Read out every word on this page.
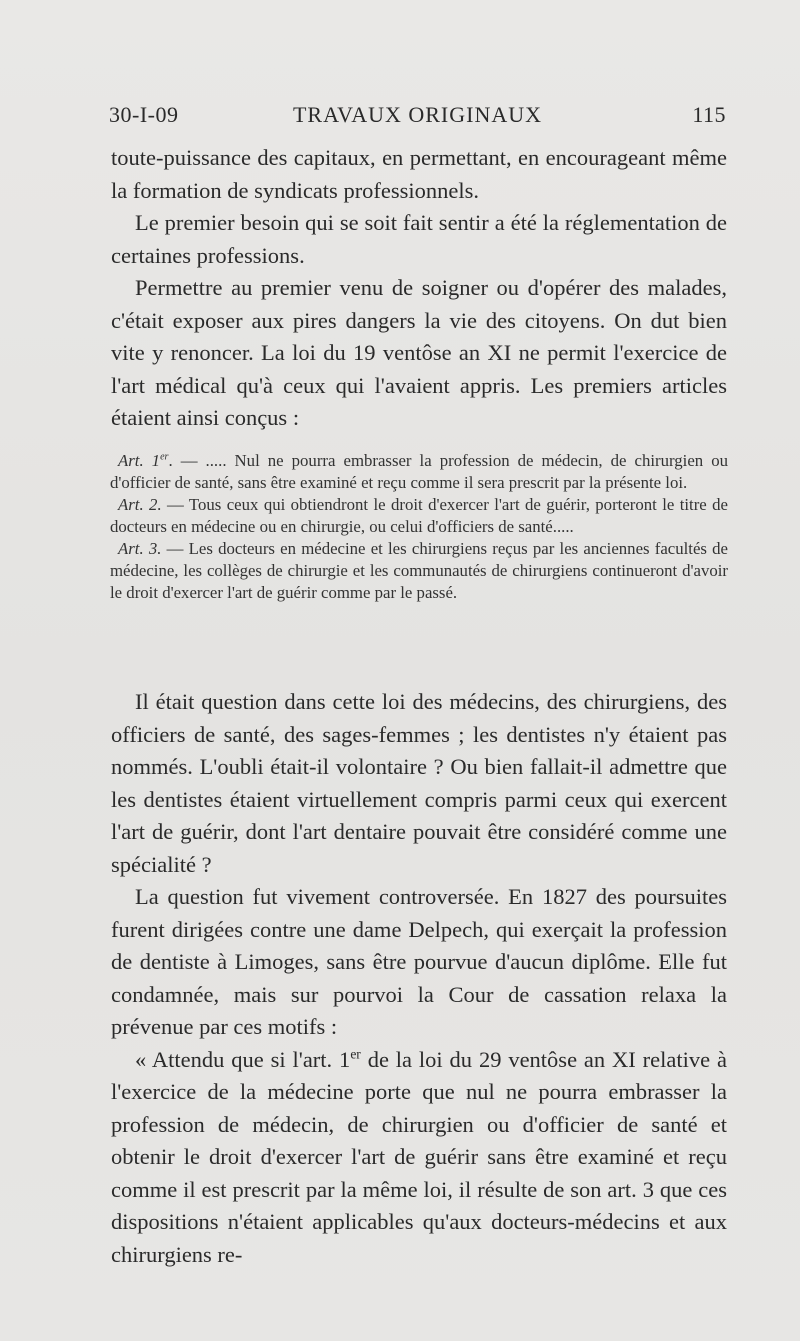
30-I-09	TRAVAUX ORIGINAUX	115

toute-puissance des capitaux, en permettant, en encourageant même la formation de syndicats professionnels.

Le premier besoin qui se soit fait sentir a été la réglementation de certaines professions.

Permettre au premier venu de soigner ou d'opérer des malades, c'était exposer aux pires dangers la vie des citoyens. On dut bien vite y renoncer. La loi du 19 ventôse an XI ne permit l'exercice de l'art médical qu'à ceux qui l'avaient appris. Les premiers articles étaient ainsi conçus :

Art. 1er. — ..... Nul ne pourra embrasser la profession de médecin, de chirurgien ou d'officier de santé, sans être examiné et reçu comme il sera prescrit par la présente loi.

Art. 2. — Tous ceux qui obtiendront le droit d'exercer l'art de guérir, porteront le titre de docteurs en médecine ou en chirurgie, ou celui d'officiers de santé.....

Art. 3. — Les docteurs en médecine et les chirurgiens reçus par les anciennes facultés de médecine, les collèges de chirurgie et les communautés de chirurgiens continueront d'avoir le droit d'exercer l'art de guérir comme par le passé.

Il était question dans cette loi des médecins, des chirurgiens, des officiers de santé, des sages-femmes ; les dentistes n'y étaient pas nommés. L'oubli était-il volontaire ? Ou bien fallait-il admettre que les dentistes étaient virtuellement compris parmi ceux qui exercent l'art de guérir, dont l'art dentaire pouvait être considéré comme une spécialité ?

La question fut vivement controversée. En 1827 des poursuites furent dirigées contre une dame Delpech, qui exerçait la profession de dentiste à Limoges, sans être pourvue d'aucun diplôme. Elle fut condamnée, mais sur pourvoi la Cour de cassation relaxa la prévenue par ces motifs :

« Attendu que si l'art. 1er de la loi du 29 ventôse an XI relative à l'exercice de la médecine porte que nul ne pourra embrasser la profession de médecin, de chirurgien ou d'officier de santé et obtenir le droit d'exercer l'art de guérir sans être examiné et reçu comme il est prescrit par la même loi, il résulte de son art. 3 que ces dispositions n'étaient applicables qu'aux docteurs-médecins et aux chirurgiens re-
